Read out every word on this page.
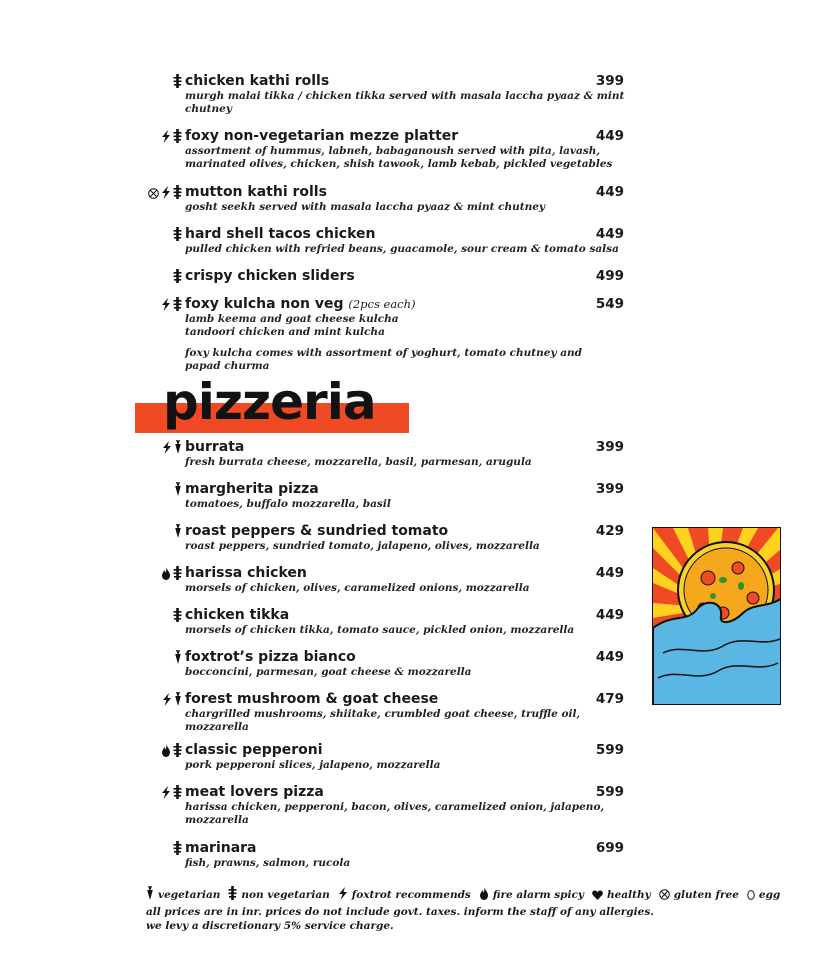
chicken kathi rolls	399
murgh malai tikka / chicken tikka served with masala laccha pyaaz & mint chutney
foxy non-vegetarian mezze platter	449
assortment of hummus, labneh, babaganoush served with pita, lavash, marinated olives, chicken, shish tawook, lamb kebab, pickled vegetables
mutton kathi rolls	449
gosht seekh served with masala laccha pyaaz & mint chutney
hard shell tacos chicken	449
pulled chicken with refried beans, guacamole, sour cream & tomato salsa
crispy chicken sliders	499
foxy kulcha non veg (2pcs each)	549
lamb keema and goat cheese kulcha
tandoori chicken and mint kulcha
foxy kulcha comes with assortment of yoghurt, tomato chutney and papad churma
pizzeria
burrata	399
fresh burrata cheese, mozzarella, basil, parmesan, arugula
margherita pizza	399
tomatoes, buffalo mozzarella, basil
roast peppers & sundried tomato	429
roast peppers, sundried tomato, jalapeno, olives, mozzarella
harissa chicken	449
morsels of chicken, olives, caramelized onions, mozzarella
chicken tikka	449
morsels of chicken tikka, tomato sauce, pickled onion, mozzarella
foxtrot’s pizza bianco	449
bocconcini, parmesan, goat cheese & mozzarella
forest mushroom & goat cheese	479
chargrilled mushrooms, shiitake, crumbled goat cheese, truffle oil, mozzarella
classic pepperoni	599
pork pepperoni slices, jalapeno, mozzarella
meat lovers pizza	599
harissa chicken, pepperoni, bacon, olives, caramelized onion, jalapeno, mozzarella
marinara	699
fish, prawns, salmon, rucola
vegetarian non vegetarian foxtrot recommends fire alarm spicy healthy gluten free egg
all prices are in inr. prices do not include govt. taxes. inform the staff of any allergies.
we levy a discretionary 5% service charge.
